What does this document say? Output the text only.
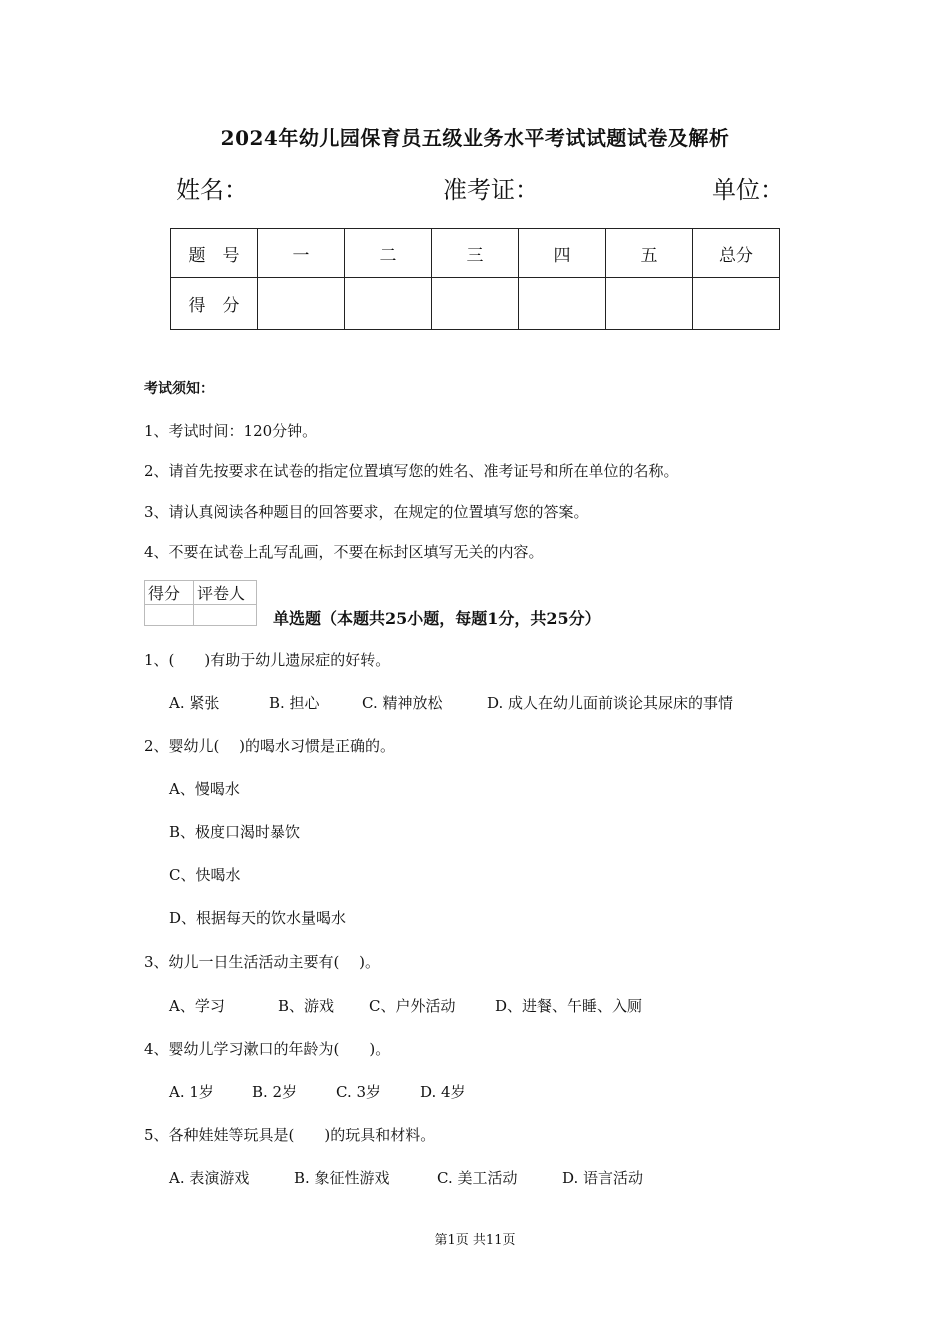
2024年幼儿园保育员五级业务水平考试试题试卷及解析
姓名：	准考证：	单位：
题　号	一	二	三	四	五	总分
得　分						
考试须知：
1、考试时间：120分钟。
2、请首先按要求在试卷的指定位置填写您的姓名、准考证号和所在单位的名称。
3、请认真阅读各种题目的回答要求，在规定的位置填写您的答案。
4、不要在试卷上乱写乱画，不要在标封区填写无关的内容。
得分	评卷人

单选题（本题共25小题，每题1分，共25分）
1、(　　)有助于幼儿遗尿症的好转。
A. 紧张	B. 担心	C. 精神放松	D. 成人在幼儿面前谈论其尿床的事情
2、婴幼儿(　 )的喝水习惯是正确的。
A、慢喝水
B、极度口渴时暴饮
C、快喝水
D、根据每天的饮水量喝水
3、幼儿一日生活活动主要有(　 )。
A、学习	B、游戏 C、户外活动	D、进餐、午睡、入厕
4、婴幼儿学习漱口的年龄为(　　)。
A. 1岁	B. 2岁	C. 3岁	D. 4岁
5、各种娃娃等玩具是(　　)的玩具和材料。
A. 表演游戏	B. 象征性游戏	C. 美工活动	D. 语言活动
第1页 共11页
